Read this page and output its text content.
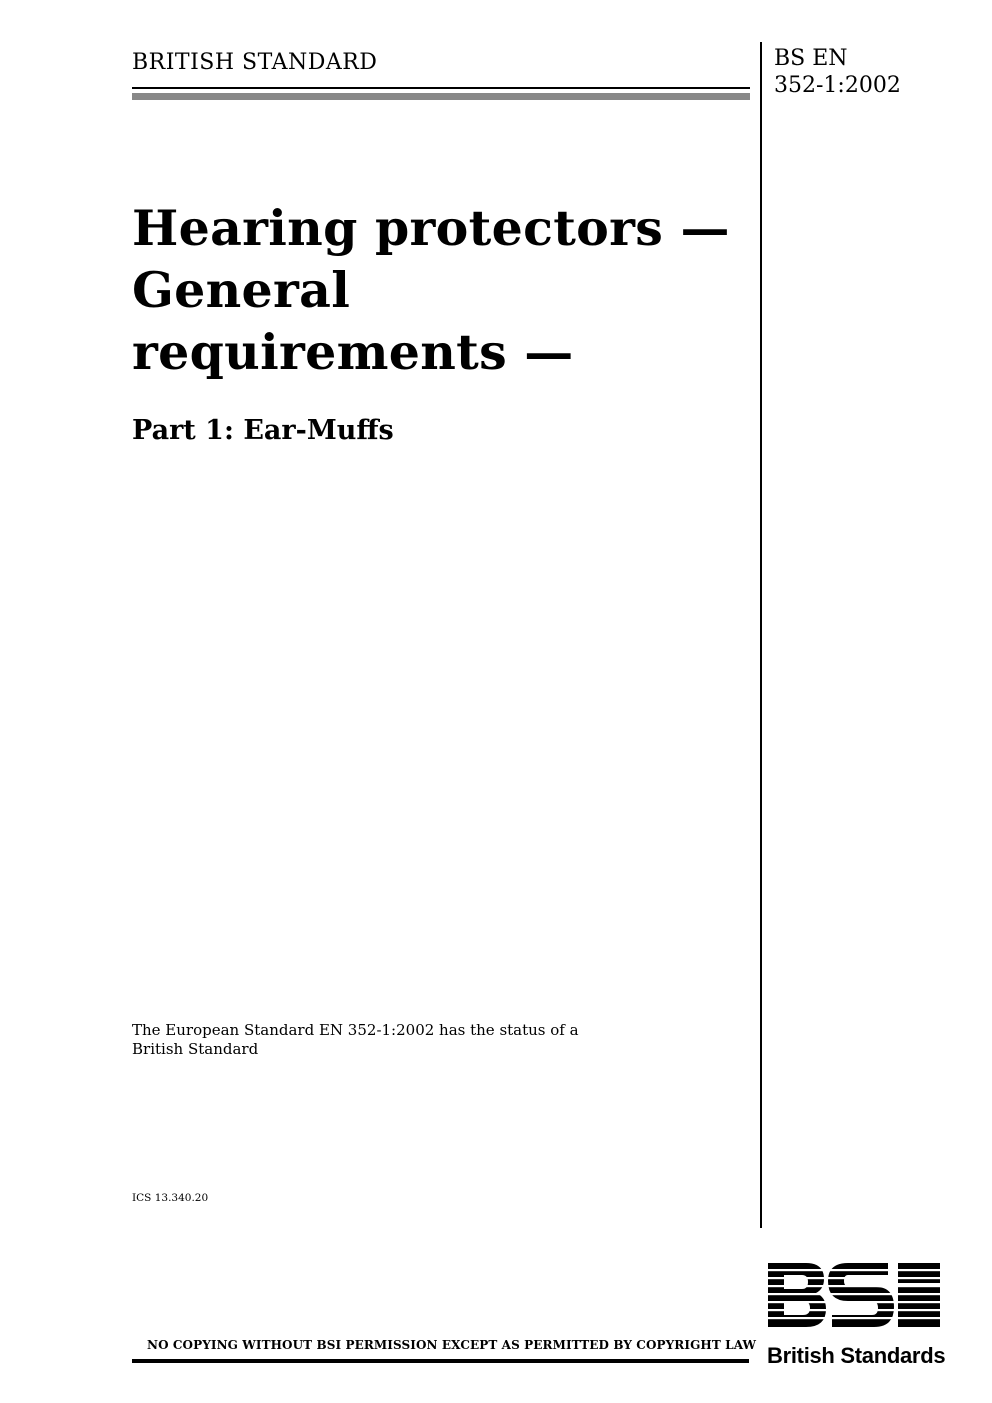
BRITISH STANDARD	BS EN
352-1:2002
Hearing protectors —
General
requirements —
Part 1: Ear-Muffs
The European Standard EN 352-1:2002 has the status of a
British Standard
ICS 13.340.20
NO COPYING WITHOUT BSI PERMISSION EXCEPT AS PERMITTED BY COPYRIGHT LAW British Standards
